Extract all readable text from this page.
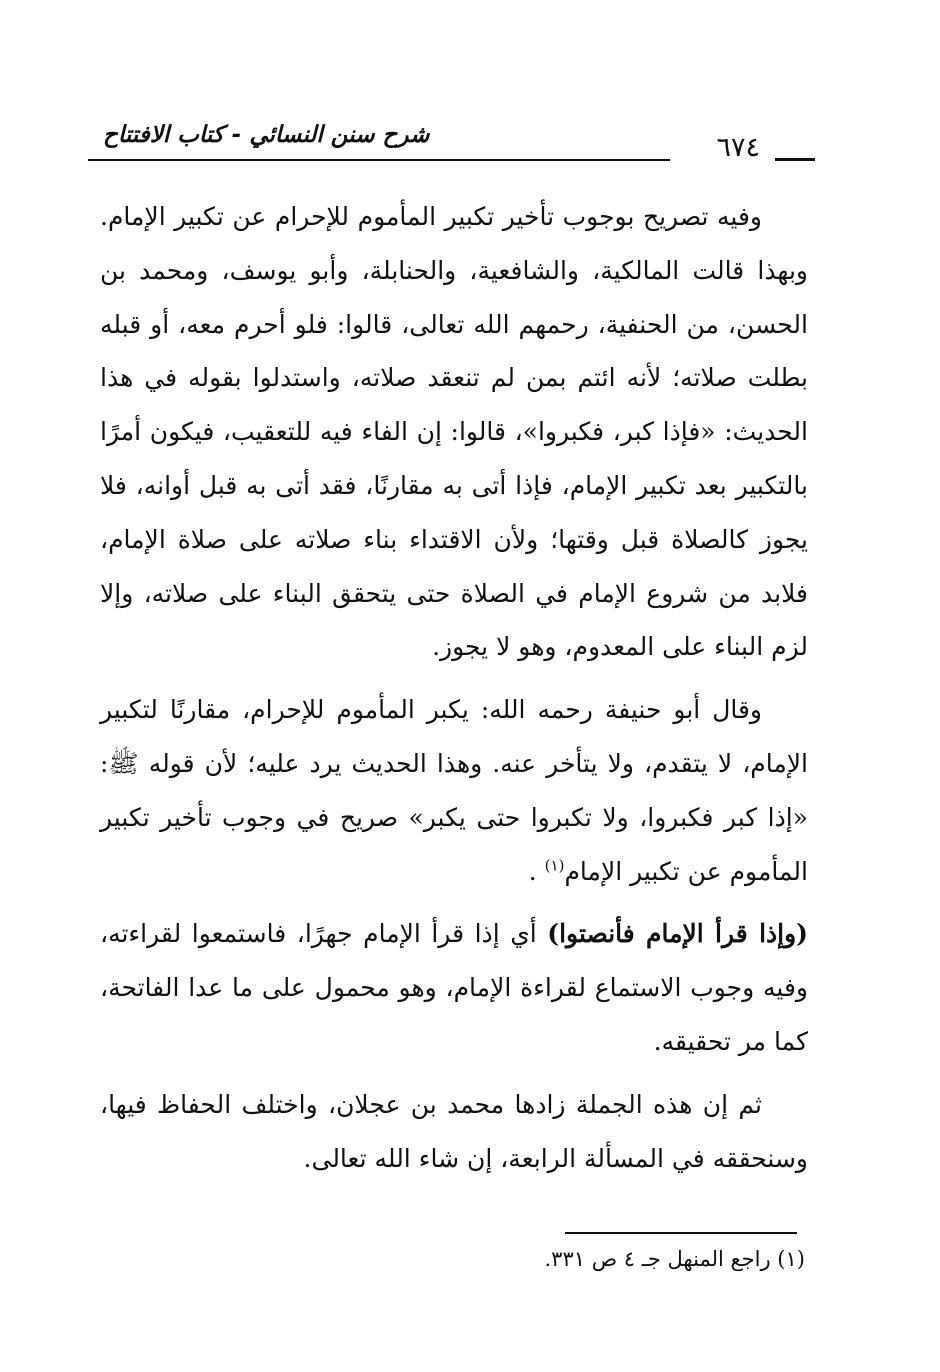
شرح سنن النسائي - كتاب الافتتاح	٦٧٤

وفيه تصريح بوجوب تأخير تكبير المأموم للإحرام عن تكبير الإمام. وبهذا قالت المالكية، والشافعية، والحنابلة، وأبو يوسف، ومحمد بن الحسن، من الحنفية، رحمهم الله تعالى، قالوا: فلو أحرم معه، أو قبله بطلت صلاته؛ لأنه ائتم بمن لم تنعقد صلاته، واستدلوا بقوله في هذا الحديث: «فإذا كبر، فكبروا»، قالوا: إن الفاء فيه للتعقيب، فيكون أمرًا بالتكبير بعد تكبير الإمام، فإذا أتى به مقارنًا، فقد أتى به قبل أوانه، فلا يجوز كالصلاة قبل وقتها؛ ولأن الاقتداء بناء صلاته على صلاة الإمام، فلابد من شروع الإمام في الصلاة حتى يتحقق البناء على صلاته، وإلا لزم البناء على المعدوم، وهو لا يجوز.

وقال أبو حنيفة رحمه الله: يكبر المأموم للإحرام، مقارنًا لتكبير الإمام، لا يتقدم، ولا يتأخر عنه. وهذا الحديث يرد عليه؛ لأن قوله ﷺ: «إذا كبر فكبروا، ولا تكبروا حتى يكبر» صريح في وجوب تأخير تكبير المأموم عن تكبير الإمام$^{(١)}$ .

(وإذا قرأ الإمام فأنصتوا) أي إذا قرأ الإمام جهرًا، فاستمعوا لقراءته، وفيه وجوب الاستماع لقراءة الإمام، وهو محمول على ما عدا الفاتحة، كما مر تحقيقه.

ثم إن هذه الجملة زادها محمد بن عجلان، واختلف الحفاظ فيها، وسنحققه في المسألة الرابعة، إن شاء الله تعالى.

(١) راجع المنهل جـ ٤ ص ٣٣١.
